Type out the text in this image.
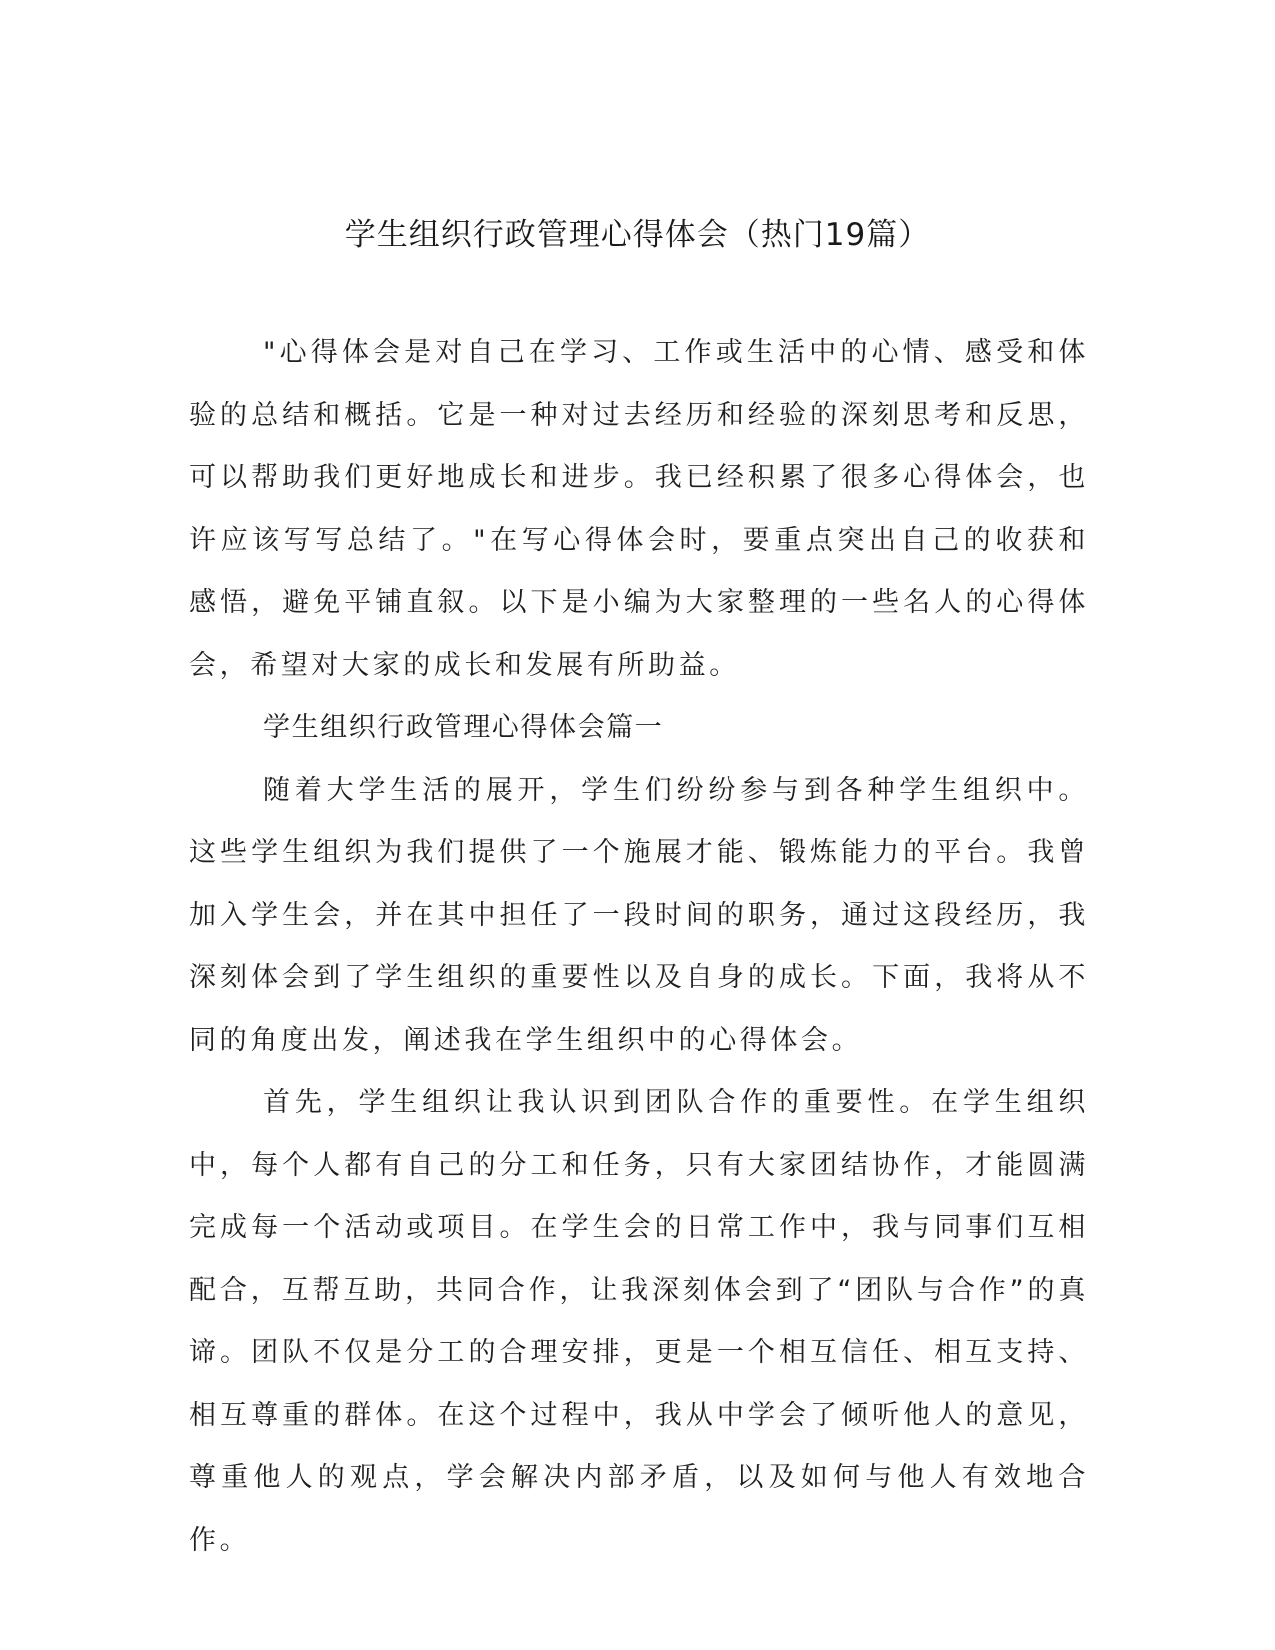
学生组织行政管理心得体会（热门19篇）

"心得体会是对自己在学习、工作或生活中的心情、感受和体验的总结和概括。它是一种对过去经历和经验的深刻思考和反思，可以帮助我们更好地成长和进步。我已经积累了很多心得体会，也许应该写写总结了。"在写心得体会时，要重点突出自己的收获和感悟，避免平铺直叙。以下是小编为大家整理的一些名人的心得体会，希望对大家的成长和发展有所助益。

学生组织行政管理心得体会篇一

随着大学生活的展开，学生们纷纷参与到各种学生组织中。这些学生组织为我们提供了一个施展才能、锻炼能力的平台。我曾加入学生会，并在其中担任了一段时间的职务，通过这段经历，我深刻体会到了学生组织的重要性以及自身的成长。下面，我将从不同的角度出发，阐述我在学生组织中的心得体会。

首先，学生组织让我认识到团队合作的重要性。在学生组织中，每个人都有自己的分工和任务，只有大家团结协作，才能圆满完成每一个活动或项目。在学生会的日常工作中，我与同事们互相配合，互帮互助，共同合作，让我深刻体会到了“团队与合作”的真谛。团队不仅是分工的合理安排，更是一个相互信任、相互支持、相互尊重的群体。在这个过程中，我从中学会了倾听他人的意见，尊重他人的观点，学会解决内部矛盾，以及如何与他人有效地合作。
